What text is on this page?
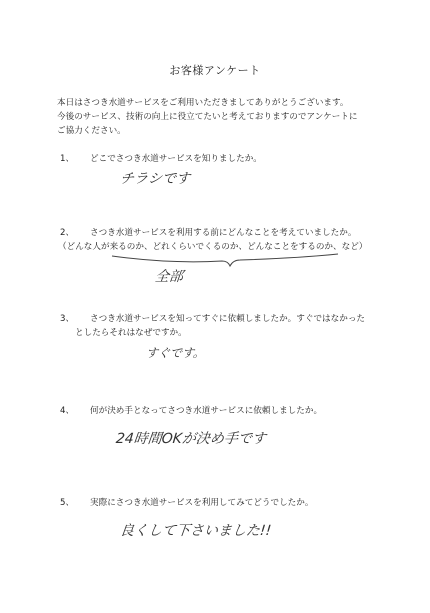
お客様アンケート
本日はさつき水道サービスをご利用いただきましてありがとうございます。
今後のサービス、技術の向上に役立てたいと考えておりますのでアンケートに
ご協力ください。
1、 どこでさつき水道サービスを知りましたか。
チラシです
2、 さつき水道サービスを利用する前にどんなことを考えていましたか。
（どんな人が来るのか、どれくらいでくるのか、どんなことをするのか、など）
全部
3、 さつき水道サービスを知ってすぐに依頼しましたか。すぐではなかった
としたらそれはなぜですか。
すぐです。
4、 何が決め手となってさつき水道サービスに依頼しましたか。
24時間OKが決め手です
5、 実際にさつき水道サービスを利用してみてどうでしたか。
良くして下さいました!!
